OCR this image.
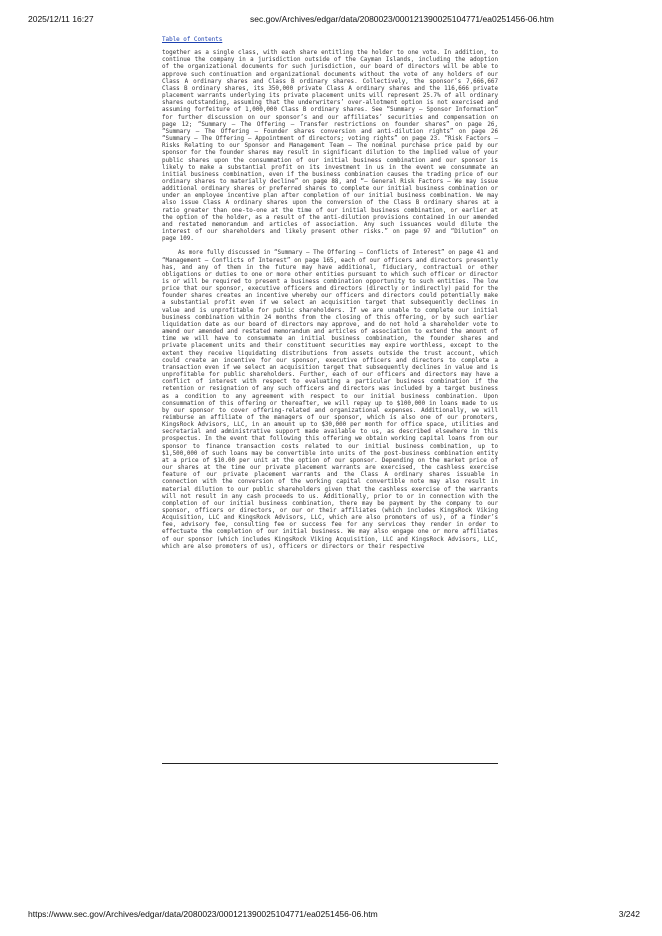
2025/12/11 16:27	sec.gov/Archives/edgar/data/2080023/000121390025104771/ea0251456-06.htm
Table of Contents

together as a single class, with each share entitling the holder to one vote. In addition, to continue the company in a jurisdiction outside of the Cayman Islands, including the adoption of the organizational documents for such jurisdiction, our board of directors will be able to approve such continuation and organizational documents without the vote of any holders of our Class A ordinary shares and Class B ordinary shares. Collectively, the sponsor’s 7,666,667 Class B ordinary shares, its 350,000 private Class A ordinary shares and the 116,666 private placement warrants underlying its private placement units will represent 25.7% of all ordinary shares outstanding, assuming that the underwriters’ over-allotment option is not exercised and assuming forfeiture of 1,000,000 Class B ordinary shares. See “Summary — Sponsor Information” for further discussion on our sponsor’s and our affiliates’ securities and compensation on page 12; “Summary — The Offering — Transfer restrictions on founder shares” on page 26, “Summary — The Offering — Founder shares conversion and anti-dilution rights” on page 26 “Summary — The Offering — Appointment of directors; voting rights” on page 23. “Risk Factors — Risks Relating to our Sponsor and Management Team — The nominal purchase price paid by our sponsor for the founder shares may result in significant dilution to the implied value of your public shares upon the consummation of our initial business combination and our sponsor is likely to make a substantial profit on its investment in us in the event we consummate an initial business combination, even if the business combination causes the trading price of our ordinary shares to materially decline” on page 88, and “— General Risk Factors — We may issue additional ordinary shares or preferred shares to complete our initial business combination or under an employee incentive plan after completion of our initial business combination. We may also issue Class A ordinary shares upon the conversion of the Class B ordinary shares at a ratio greater than one-to-one at the time of our initial business combination, or earlier at the option of the holder, as a result of the anti-dilution provisions contained in our amended and restated memorandum and articles of association. Any such issuances would dilute the interest of our shareholders and likely present other risks.” on page 97 and “Dilution” on page 109.

As more fully discussed in “Summary — The Offering — Conflicts of Interest” on page 41 and “Management — Conflicts of Interest” on page 165, each of our officers and directors presently has, and any of them in the future may have additional, fiduciary, contractual or other obligations or duties to one or more other entities pursuant to which such officer or director is or will be required to present a business combination opportunity to such entities. The low price that our sponsor, executive officers and directors (directly or indirectly) paid for the founder shares creates an incentive whereby our officers and directors could potentially make a substantial profit even if we select an acquisition target that subsequently declines in value and is unprofitable for public shareholders. If we are unable to complete our initial business combination within 24 months from the closing of this offering, or by such earlier liquidation date as our board of directors may approve, and do not hold a shareholder vote to amend our amended and restated memorandum and articles of association to extend the amount of time we will have to consummate an initial business combination, the founder shares and private placement units and their constituent securities may expire worthless, except to the extent they receive liquidating distributions from assets outside the trust account, which could create an incentive for our sponsor, executive officers and directors to complete a transaction even if we select an acquisition target that subsequently declines in value and is unprofitable for public shareholders. Further, each of our officers and directors may have a conflict of interest with respect to evaluating a particular business combination if the retention or resignation of any such officers and directors was included by a target business as a condition to any agreement with respect to our initial business combination. Upon consummation of this offering or thereafter, we will repay up to $100,000 in loans made to us by our sponsor to cover offering-related and organizational expenses. Additionally, we will reimburse an affiliate of the managers of our sponsor, which is also one of our promoters, KingsRock Advisors, LLC, in an amount up to $30,000 per month for office space, utilities and secretarial and administrative support made available to us, as described elsewhere in this prospectus. In the event that following this offering we obtain working capital loans from our sponsor to finance transaction costs related to our initial business combination, up to $1,500,000 of such loans may be convertible into units of the post-business combination entity at a price of $10.00 per unit at the option of our sponsor. Depending on the market price of our shares at the time our private placement warrants are exercised, the cashless exercise feature of our private placement warrants and the Class A ordinary shares issuable in connection with the conversion of the working capital convertible note may also result in material dilution to our public shareholders given that the cashless exercise of the warrants will not result in any cash proceeds to us. Additionally, prior to or in connection with the completion of our initial business combination, there may be payment by the company to our sponsor, officers or directors, or our or their affiliates (which includes KingsRock Viking Acquisition, LLC and KingsRock Advisors, LLC, which are also promoters of us), of a finder’s fee, advisory fee, consulting fee or success fee for any services they render in order to effectuate the completion of our initial business. We may also engage one or more affiliates of our sponsor (which includes KingsRock Viking Acquisition, LLC and KingsRock Advisors, LLC, which are also promoters of us), officers or directors or their respective

https://www.sec.gov/Archives/edgar/data/2080023/000121390025104771/ea0251456-06.htm	3/242
